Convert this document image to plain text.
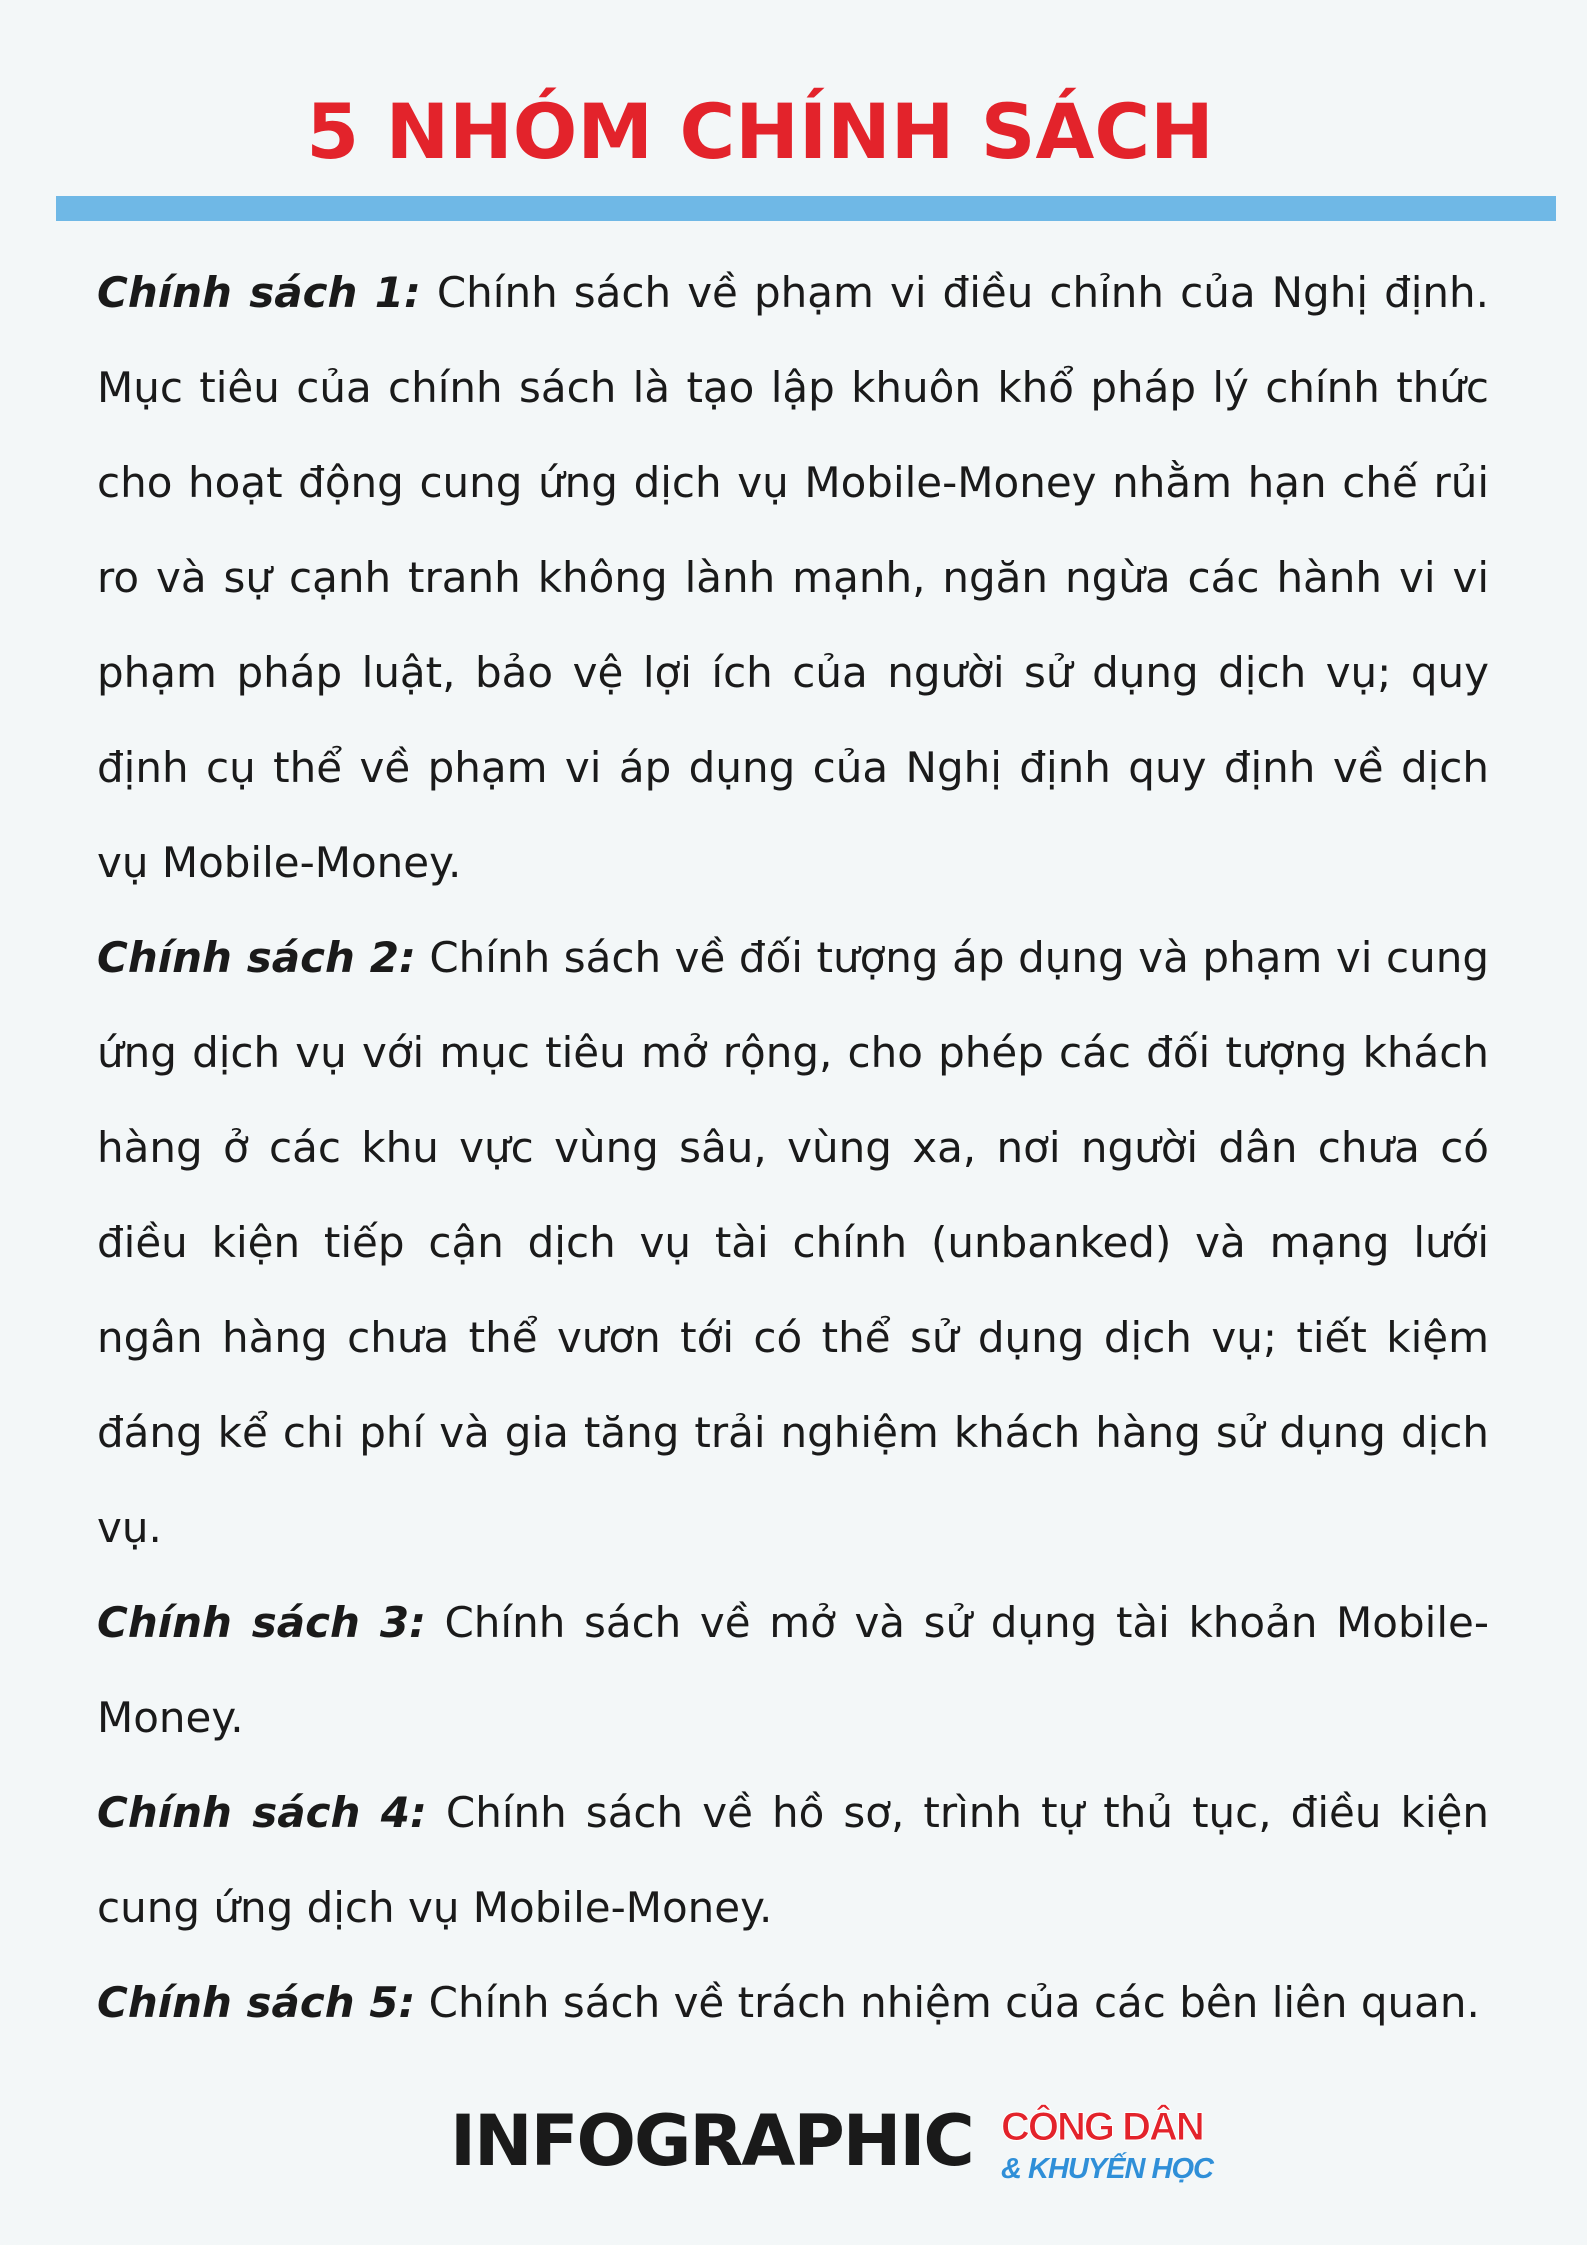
5 NHÓM CHÍNH SÁCH

Chính sách 1: Chính sách về phạm vi điều chỉnh của Nghị định. Mục tiêu của chính sách là tạo lập khuôn khổ pháp lý chính thức cho hoạt động cung ứng dịch vụ Mobile-Money nhằm hạn chế rủi ro và sự cạnh tranh không lành mạnh, ngăn ngừa các hành vi vi phạm pháp luật, bảo vệ lợi ích của người sử dụng dịch vụ; quy định cụ thể về phạm vi áp dụng của Nghị định quy định về dịch vụ Mobile-Money.

Chính sách 2: Chính sách về đối tượng áp dụng và phạm vi cung ứng dịch vụ với mục tiêu mở rộng, cho phép các đối tượng khách hàng ở các khu vực vùng sâu, vùng xa, nơi người dân chưa có điều kiện tiếp cận dịch vụ tài chính (unbanked) và mạng lưới ngân hàng chưa thể vươn tới có thể sử dụng dịch vụ; tiết kiệm đáng kể chi phí và gia tăng trải nghiệm khách hàng sử dụng dịch vụ.

Chính sách 3: Chính sách về mở và sử dụng tài khoản Mobile-Money.

Chính sách 4: Chính sách về hồ sơ, trình tự thủ tục, điều kiện cung ứng dịch vụ Mobile-Money.

Chính sách 5: Chính sách về trách nhiệm của các bên liên quan.

INFOGRAPHIC CÔNG DÂN
& KHUYẾN HỌC
